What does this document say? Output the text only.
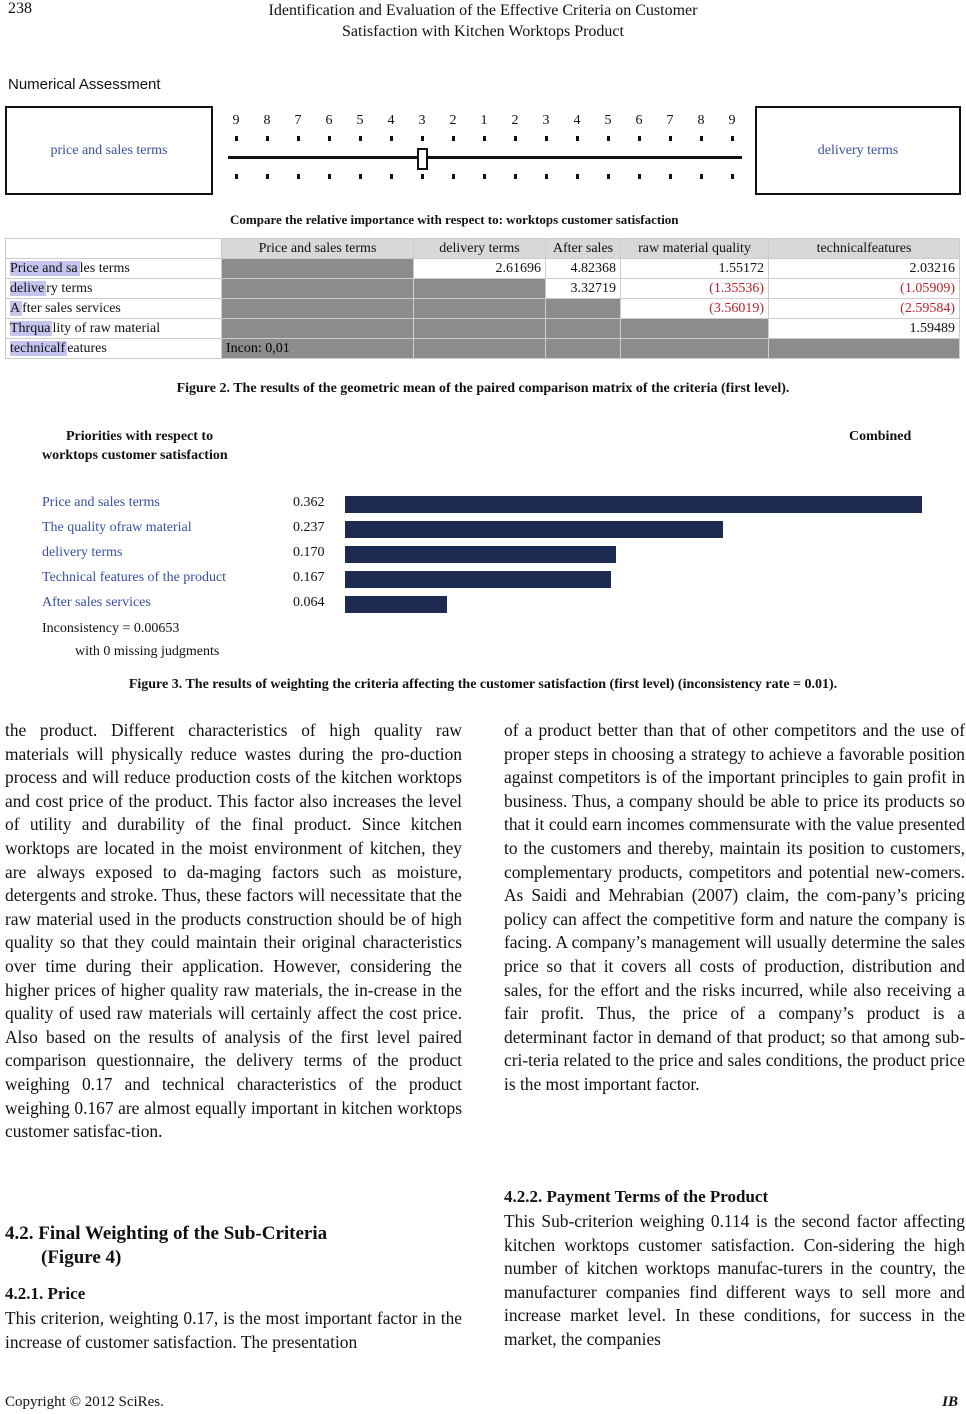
238	Identification and Evaluation of the Effective Criteria on Customer
Satisfaction with Kitchen Worktops Product
Numerical Assessment
price and sales terms	delivery terms
9	8	7	6	5	4	3	2	1	2	3	4	5	6	7	8	9
Compare the relative importance with respect to: worktops customer satisfaction
	Price and sales terms	delivery terms	After sales	raw material quality	technicalfeatures
Price and sa les terms		2.61696	4.82368	1.55172	2.03216
delive ry terms			3.32719	(1.35536)	(1.05909)
A fter sales services				(3.56019)	(2.59584)
Thrqua lity of raw material					1.59489
technicalf eatures	Incon: 0,01				
Figure 2. The results of the geometric mean of the paired comparison matrix of the criteria (first level).
Priorities with respect to
worktops customer satisfaction
Combined
Price and sales terms	0.362
The quality ofraw material	0.237
delivery terms	0.170
Technical features of the product	0.167
After sales services	0.064
Inconsistency = 0.00653
with 0 missing judgments
Figure 3. The results of weighting the criteria affecting the customer satisfaction (first level) (inconsistency rate = 0.01).

the product. Different characteristics of high quality raw materials will physically reduce wastes during the pro-duction process and will reduce production costs of the kitchen worktops and cost price of the product. This factor also increases the level of utility and durability of the final product. Since kitchen worktops are located in the moist environment of kitchen, they are always exposed to da-maging factors such as moisture, detergents and stroke. Thus, these factors will necessitate that the raw material used in the products construction should be of high quality so that they could maintain their original characteristics over time during their application. However, considering the higher prices of higher quality raw materials, the in-crease in the quality of used raw materials will certainly affect the cost price. Also based on the results of analysis of the first level paired comparison questionnaire, the delivery terms of the product weighing 0.17 and technical characteristics of the product weighing 0.167 are almost equally important in kitchen worktops customer satisfac-tion.

4.2. Final Weighting of the Sub-Criteria
(Figure 4)
4.2.1. Price

This criterion, weighting 0.17, is the most important factor in the increase of customer satisfaction. The presentation

of a product better than that of other competitors and the use of proper steps in choosing a strategy to achieve a favorable position against competitors is of the important principles to gain profit in business. Thus, a company should be able to price its products so that it could earn incomes commensurate with the value presented to the customers and thereby, maintain its position to customers, complementary products, competitors and potential new-comers. As Saidi and Mehrabian (2007) claim, the com-pany’s pricing policy can affect the competitive form and nature the company is facing. A company’s management will usually determine the sales price so that it covers all costs of production, distribution and sales, for the effort and the risks incurred, while also receiving a fair profit. Thus, the price of a company’s product is a determinant factor in demand of that product; so that among sub-cri-teria related to the price and sales conditions, the product price is the most important factor.

4.2.2. Payment Terms of the Product

This Sub-criterion weighing 0.114 is the second factor affecting kitchen worktops customer satisfaction. Con-sidering the high number of kitchen worktops manufac-turers in the country, the manufacturer companies find different ways to sell more and increase market level. In these conditions, for success in the market, the companies

Copyright © 2012 SciRes.	IB
